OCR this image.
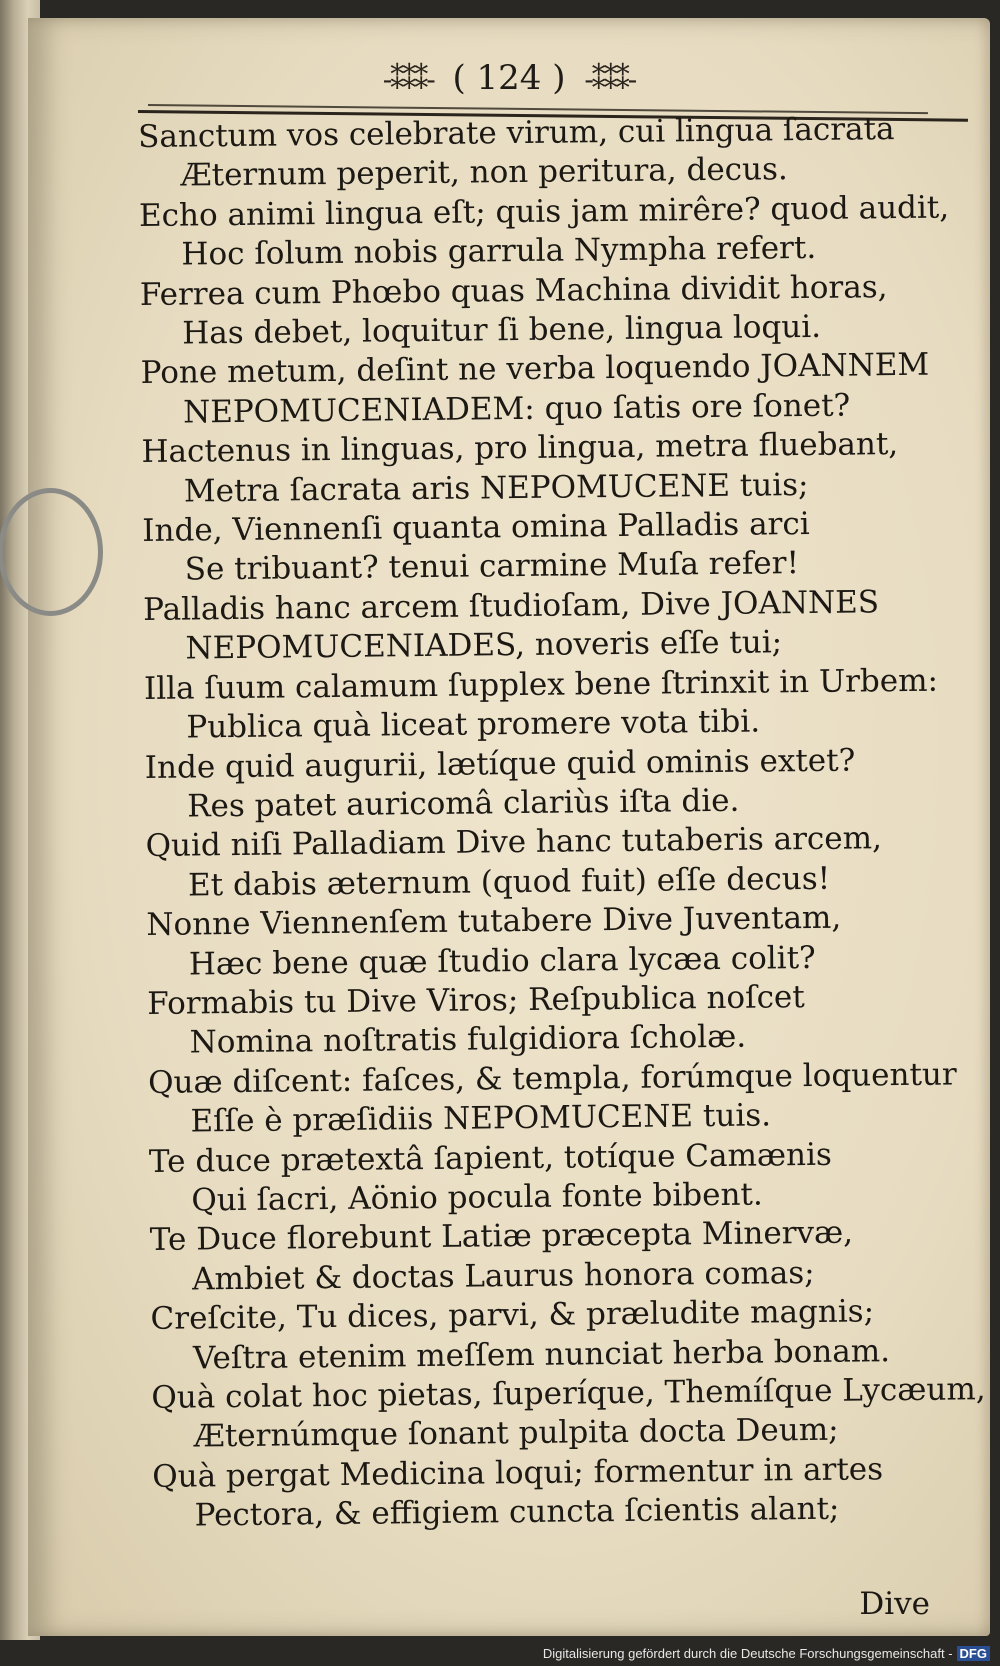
-⁑⁑⁑- ( 124 ) -⁑⁑⁑-
Sanctum vos celebrate virum, cui lingua ſacrata
Æternum peperit, non peritura, decus.
Echo animi lingua eſt; quis jam mirêre? quod audit,
Hoc ſolum nobis garrula Nympha refert.
Ferrea cum Phœbo quas Machina dividit horas,
Has debet, loquitur ſi bene, lingua loqui.
Pone metum, deſint ne verba loquendo JOANNEM
NEPOMUCENIADEM: quo ſatis ore ſonet?
Hactenus in linguas, pro lingua, metra fluebant,
Metra ſacrata aris NEPOMUCENE tuis;
Inde, Viennenſi quanta omina Palladis arci
Se tribuant? tenui carmine Muſa refer!
Palladis hanc arcem ſtudioſam, Dive JOANNES
NEPOMUCENIADES, noveris eſſe tui;
Illa ſuum calamum ſupplex bene ſtrinxit in Urbem:
Publica quà liceat promere vota tibi.
Inde quid augurii, lætíque quid ominis extet?
Res patet auricomâ clariùs iſta die.
Quid niſi Palladiam Dive hanc tutaberis arcem,
Et dabis æternum (quod fuit) eſſe decus!
Nonne Viennenſem tutabere Dive Juventam,
Hæc bene quæ ſtudio clara lycæa colit?
Formabis tu Dive Viros; Reſpublica noſcet
Nomina noſtratis fulgidiora ſcholæ.
Quæ diſcent: faſces, & templa, forúmque loquentur
Eſſe è præſidiis NEPOMUCENE tuis.
Te duce prætextâ ſapient, totíque Camænis
Qui ſacri, Aönio pocula fonte bibent.
Te Duce florebunt Latiæ præcepta Minervæ,
Ambiet & doctas Laurus honora comas;
Creſcite, Tu dices, parvi, & præludite magnis;
Veſtra etenim meſſem nunciat herba bonam.
Quà colat hoc pietas, ſuperíque, Themíſque Lycæum,
Æternúmque ſonant pulpita docta Deum;
Quà pergat Medicina loqui; formentur in artes
Pectora, & effigiem cuncta ſcientis alant;
Dive
Digitalisierung gefördert durch die Deutsche Forschungsgemeinschaft - DFG
